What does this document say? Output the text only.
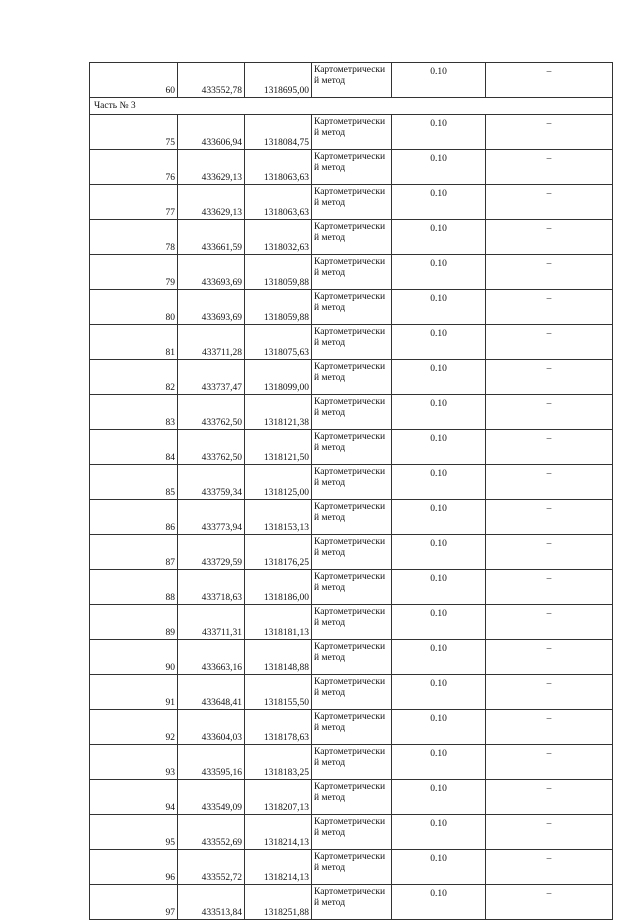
60	433552,78	1318695,00	Картометрический метод	0.10	–
Часть № 3					
75	433606,94	1318084,75	Картометрический метод	0.10	–
76	433629,13	1318063,63	Картометрический метод	0.10	–
77	433629,13	1318063,63	Картометрический метод	0.10	–
78	433661,59	1318032,63	Картометрический метод	0.10	–
79	433693,69	1318059,88	Картометрический метод	0.10	–
80	433693,69	1318059,88	Картометрический метод	0.10	–
81	433711,28	1318075,63	Картометрический метод	0.10	–
82	433737,47	1318099,00	Картометрический метод	0.10	–
83	433762,50	1318121,38	Картометрический метод	0.10	–
84	433762,50	1318121,50	Картометрический метод	0.10	–
85	433759,34	1318125,00	Картометрический метод	0.10	–
86	433773,94	1318153,13	Картометрический метод	0.10	–
87	433729,59	1318176,25	Картометрический метод	0.10	–
88	433718,63	1318186,00	Картометрический метод	0.10	–
89	433711,31	1318181,13	Картометрический метод	0.10	–
90	433663,16	1318148,88	Картометрический метод	0.10	–
91	433648,41	1318155,50	Картометрический метод	0.10	–
92	433604,03	1318178,63	Картометрический метод	0.10	–
93	433595,16	1318183,25	Картометрический метод	0.10	–
94	433549,09	1318207,13	Картометрический метод	0.10	–
95	433552,69	1318214,13	Картометрический метод	0.10	–
96	433552,72	1318214,13	Картометрический метод	0.10	–
97	433513,84	1318251,88	Картометрический метод	0.10	–
